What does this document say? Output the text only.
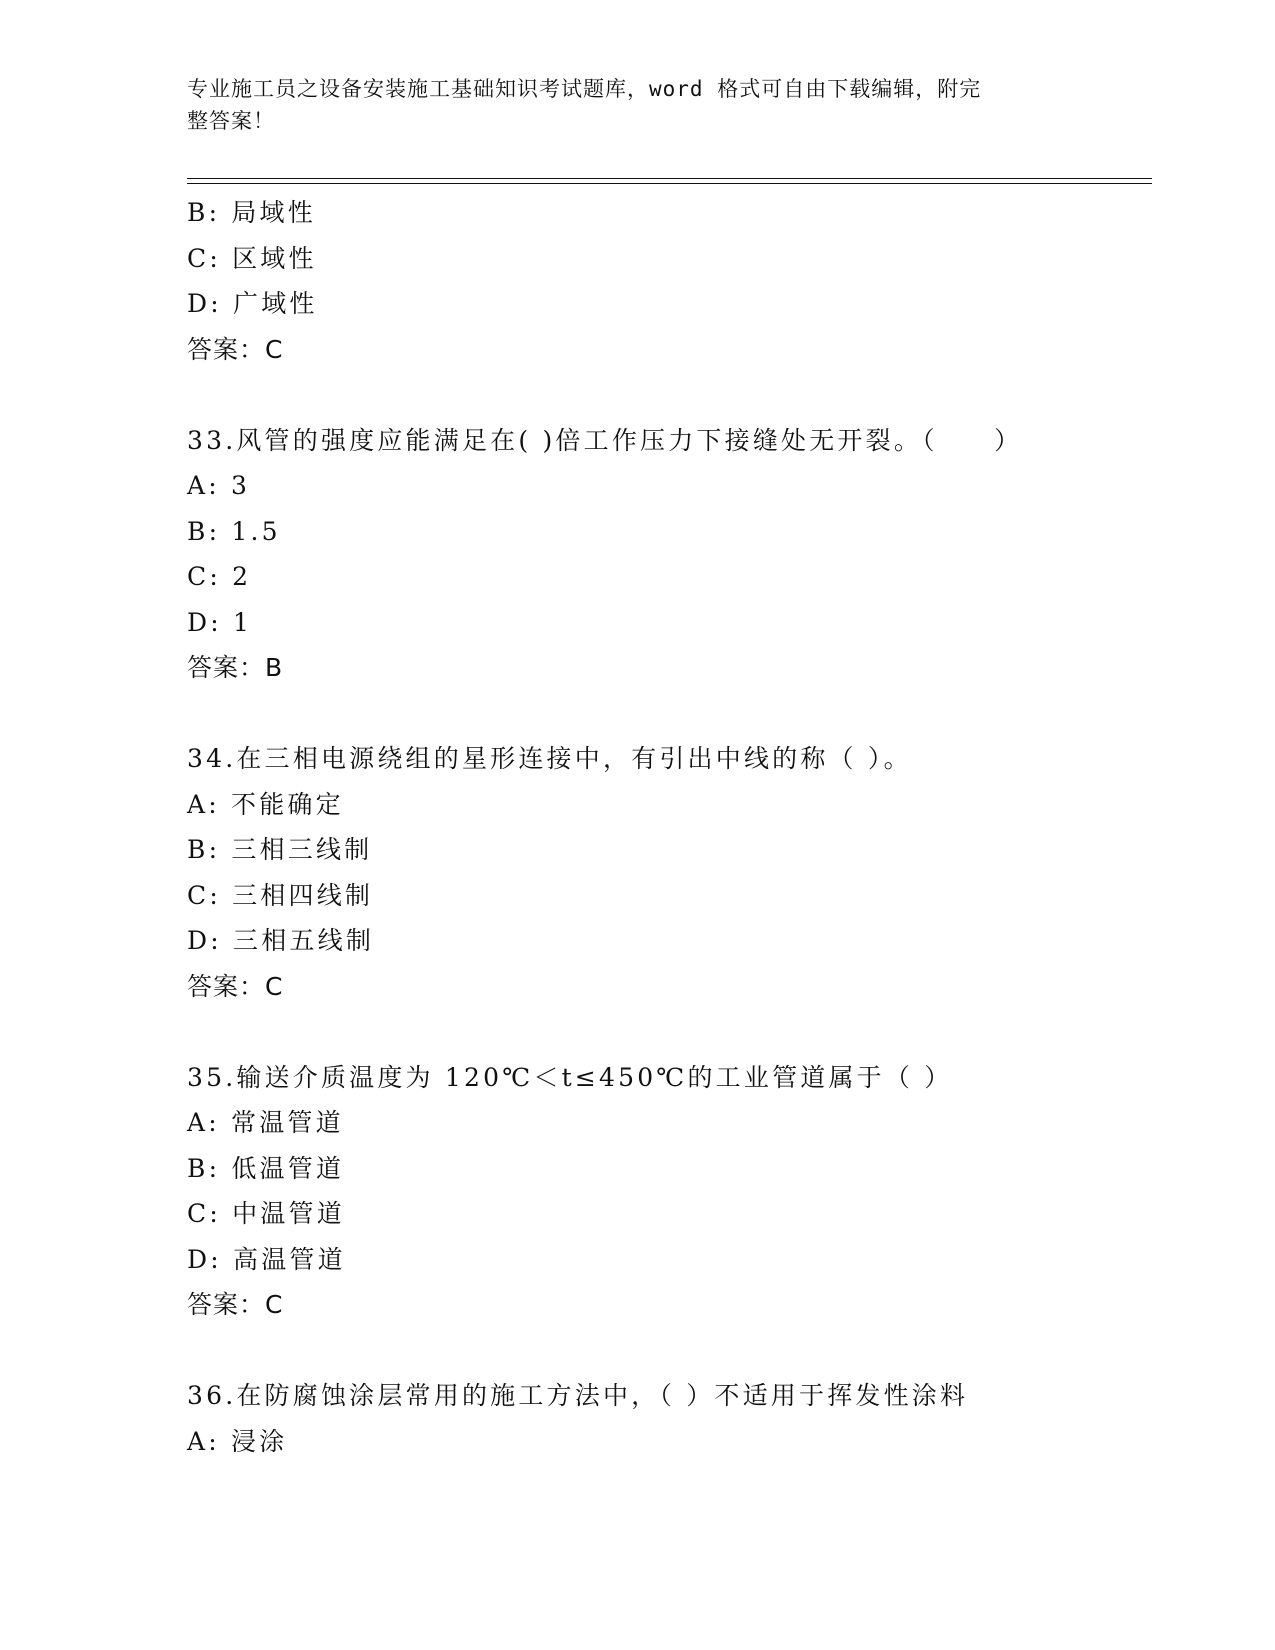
专业施工员之设备安装施工基础知识考试题库，word 格式可自由下载编辑，附完
整答案！
B: 局域性
C: 区域性
D: 广域性
答案：C
33.风管的强度应能满足在( )倍工作压力下接缝处无开裂。（　　）
A: 3
B: 1.5
C: 2
D: 1
答案：B
34.在三相电源绕组的星形连接中，有引出中线的称（ ）。
A: 不能确定
B: 三相三线制
C: 三相四线制
D: 三相五线制
答案：C
35.输送介质温度为 120℃＜t≤450℃的工业管道属于（ ）
A: 常温管道
B: 低温管道
C: 中温管道
D: 高温管道
答案：C
36.在防腐蚀涂层常用的施工方法中，（ ）不适用于挥发性涂料
A: 浸涂
